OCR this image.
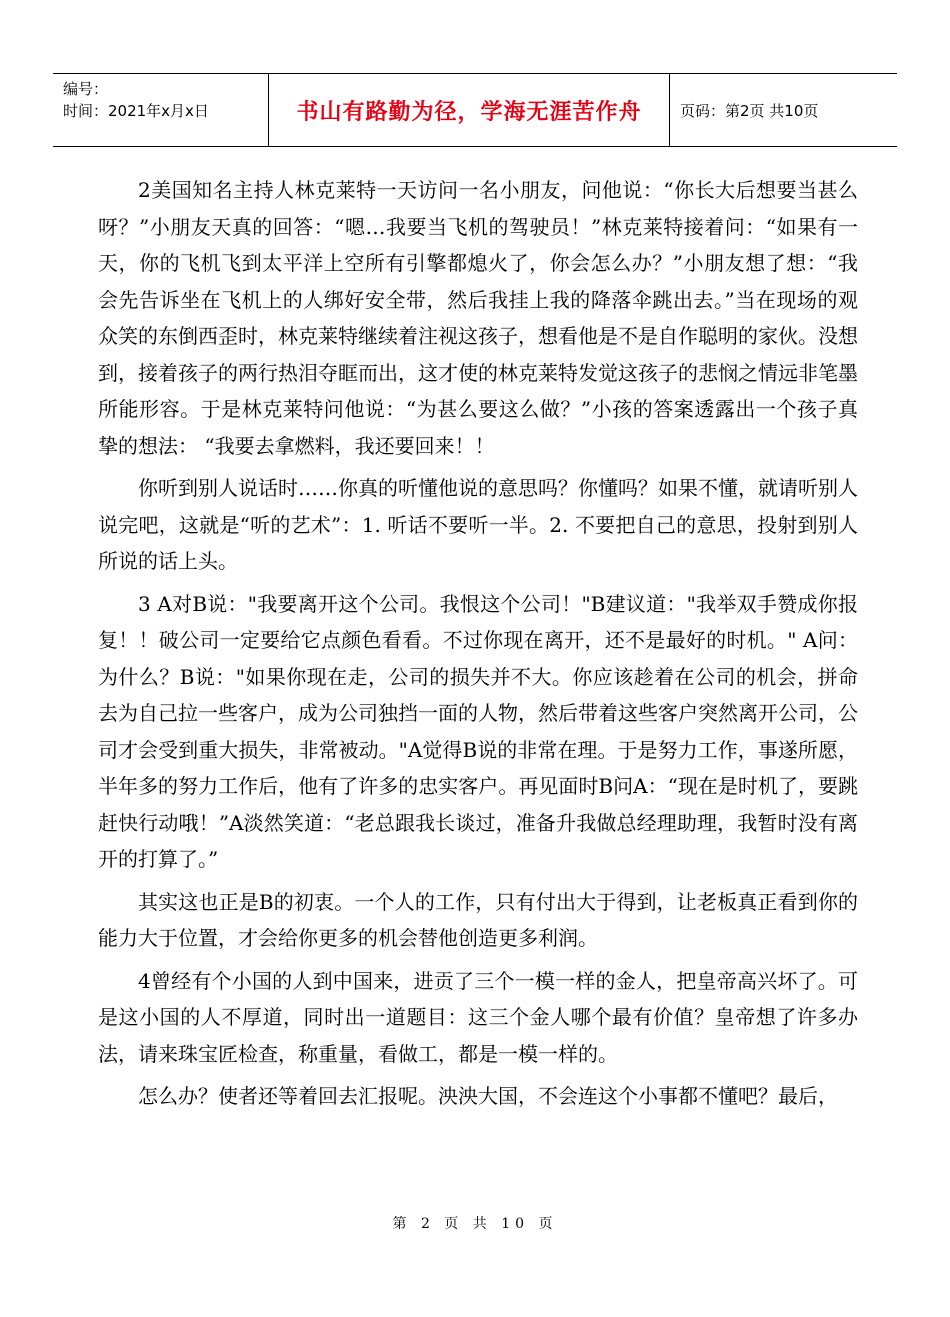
编号：
时间：2021年x月x日	书山有路勤为径，学海无涯苦作舟	页码：第2页 共10页

2美国知名主持人林克莱特一天访问一名小朋友，问他说：“你长大后想要当甚么呀？”小朋友天真的回答：“嗯…我要当飞机的驾驶员！”林克莱特接着问：“如果有一天，你的飞机飞到太平洋上空所有引擎都熄火了，你会怎么办？”小朋友想了想：“我会先告诉坐在飞机上的人绑好安全带，然后我挂上我的降落伞跳出去。”当在现场的观众笑的东倒西歪时，林克莱特继续着注视这孩子，想看他是不是自作聪明的家伙。没想到，接着孩子的两行热泪夺眶而出，这才使的林克莱特发觉这孩子的悲悯之情远非笔墨所能形容。于是林克莱特问他说：“为甚么要这么做？”小孩的答案透露出一个孩子真挚的想法： “我要去拿燃料，我还要回来！！

你听到别人说话时……你真的听懂他说的意思吗？你懂吗？如果不懂，就请听别人说完吧，这就是“听的艺术”：1. 听话不要听一半。2. 不要把自己的意思，投射到别人所说的话上头。

3 A对B说："我要离开这个公司。我恨这个公司！"B建议道："我举双手赞成你报复！！破公司一定要给它点颜色看看。不过你现在离开，还不是最好的时机。" A问：为什么？B说："如果你现在走，公司的损失并不大。你应该趁着在公司的机会，拼命去为自己拉一些客户，成为公司独挡一面的人物，然后带着这些客户突然离开公司，公司才会受到重大损失，非常被动。"A觉得B说的非常在理。于是努力工作，事遂所愿，半年多的努力工作后，他有了许多的忠实客户。再见面时B问A：“现在是时机了，要跳赶快行动哦！”A淡然笑道：“老总跟我长谈过，准备升我做总经理助理，我暂时没有离开的打算了。”

其实这也正是B的初衷。一个人的工作，只有付出大于得到，让老板真正看到你的能力大于位置，才会给你更多的机会替他创造更多利润。

4曾经有个小国的人到中国来，进贡了三个一模一样的金人，把皇帝高兴坏了。可是这小国的人不厚道，同时出一道题目：这三个金人哪个最有价值？皇帝想了许多办法，请来珠宝匠检查，称重量，看做工，都是一模一样的。

怎么办？使者还等着回去汇报呢。泱泱大国，不会连这个小事都不懂吧？最后，

第 2 页 共 10 页
